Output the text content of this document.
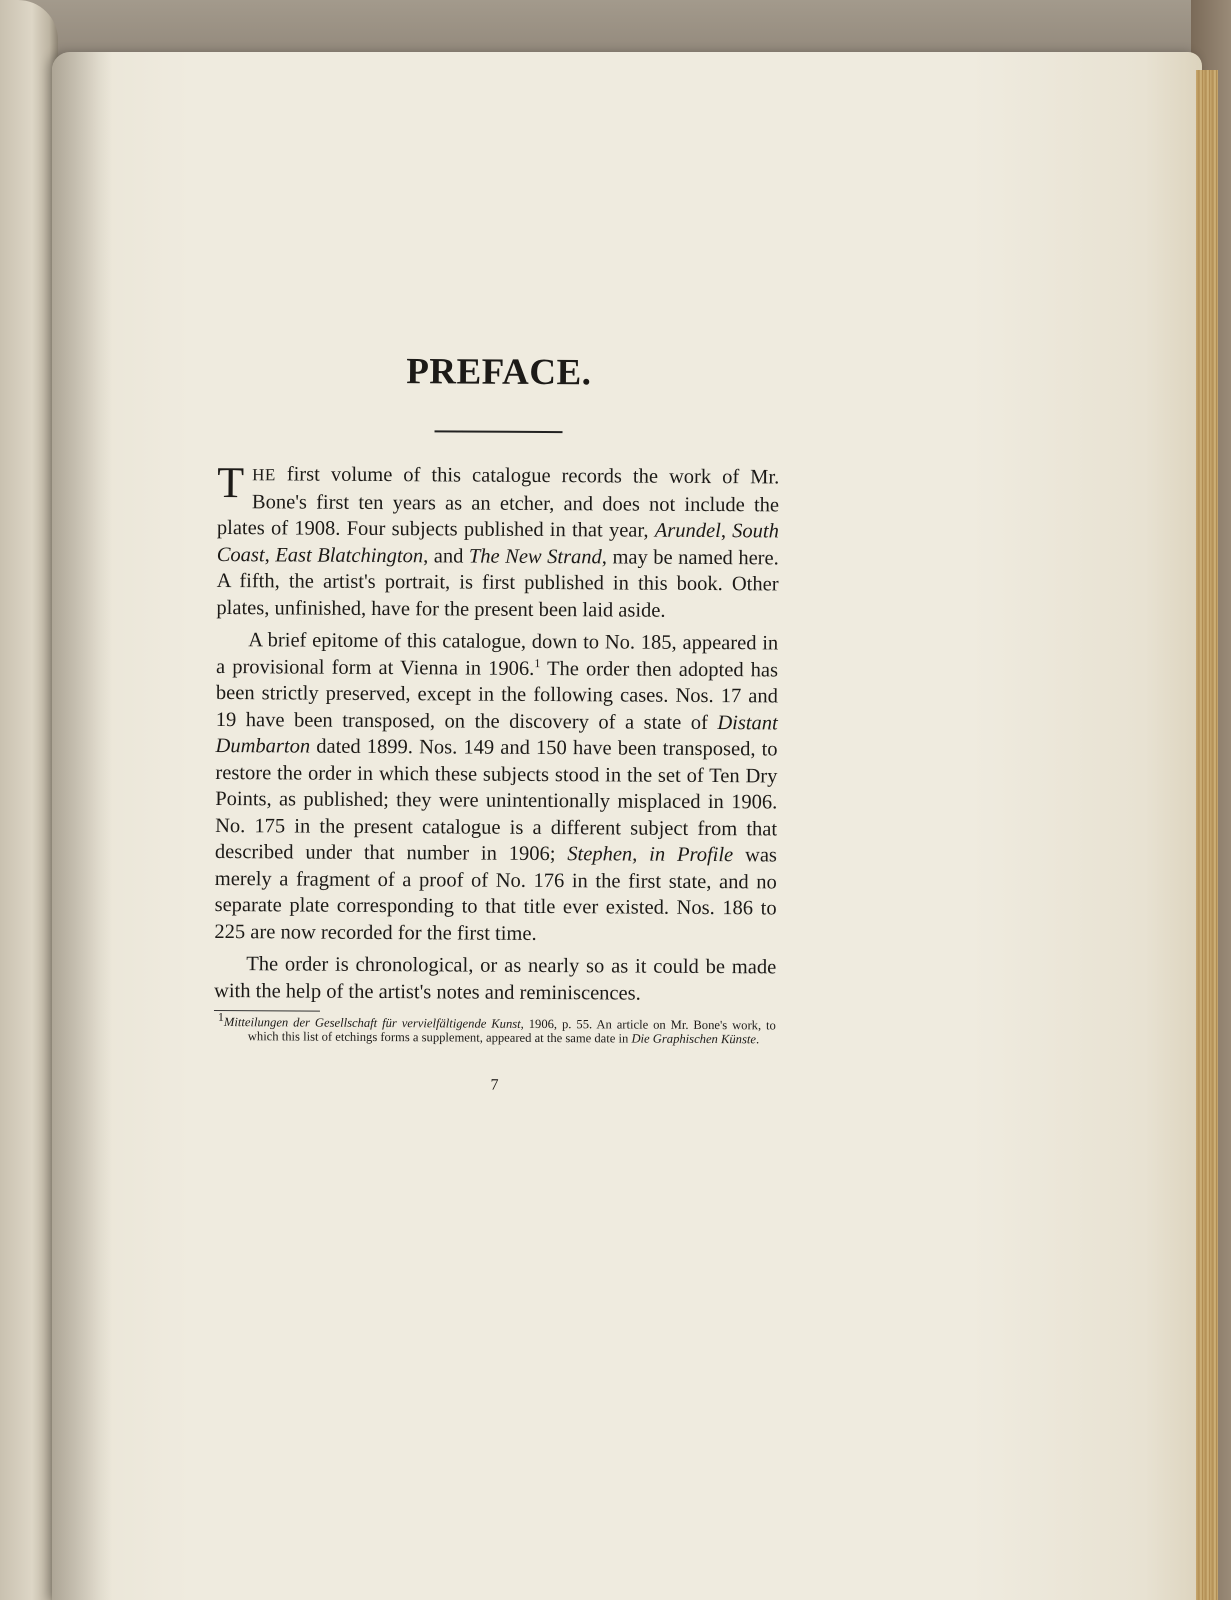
PREFACE.

THE first volume of this catalogue records the work of Mr. Bone's first ten years as an etcher, and does not include the plates of 1908. Four subjects published in that year, Arundel, South Coast, East Blatchington, and The New Strand, may be named here. A fifth, the artist's portrait, is first published in this book. Other plates, unfinished, have for the present been laid aside.

A brief epitome of this catalogue, down to No. 185, appeared in a provisional form at Vienna in 1906.$^1$ The order then adopted has been strictly preserved, except in the following cases. Nos. 17 and 19 have been transposed, on the discovery of a state of Distant Dumbarton dated 1899. Nos. 149 and 150 have been transposed, to restore the order in which these subjects stood in the set of Ten Dry Points, as published; they were unintentionally misplaced in 1906. No. 175 in the present catalogue is a different subject from that described under that number in 1906; Stephen, in Profile was merely a fragment of a proof of No. 176 in the first state, and no separate plate corresponding to that title ever existed. Nos. 186 to 225 are now recorded for the first time.

The order is chronological, or as nearly so as it could be made with the help of the artist's notes and reminiscences.

1Mitteilungen der Gesellschaft für vervielfältigende Kunst, 1906, p. 55. An article on Mr. Bone's work, to which this list of etchings forms a supplement, appeared at the same date in Die Graphischen Künste.

7
